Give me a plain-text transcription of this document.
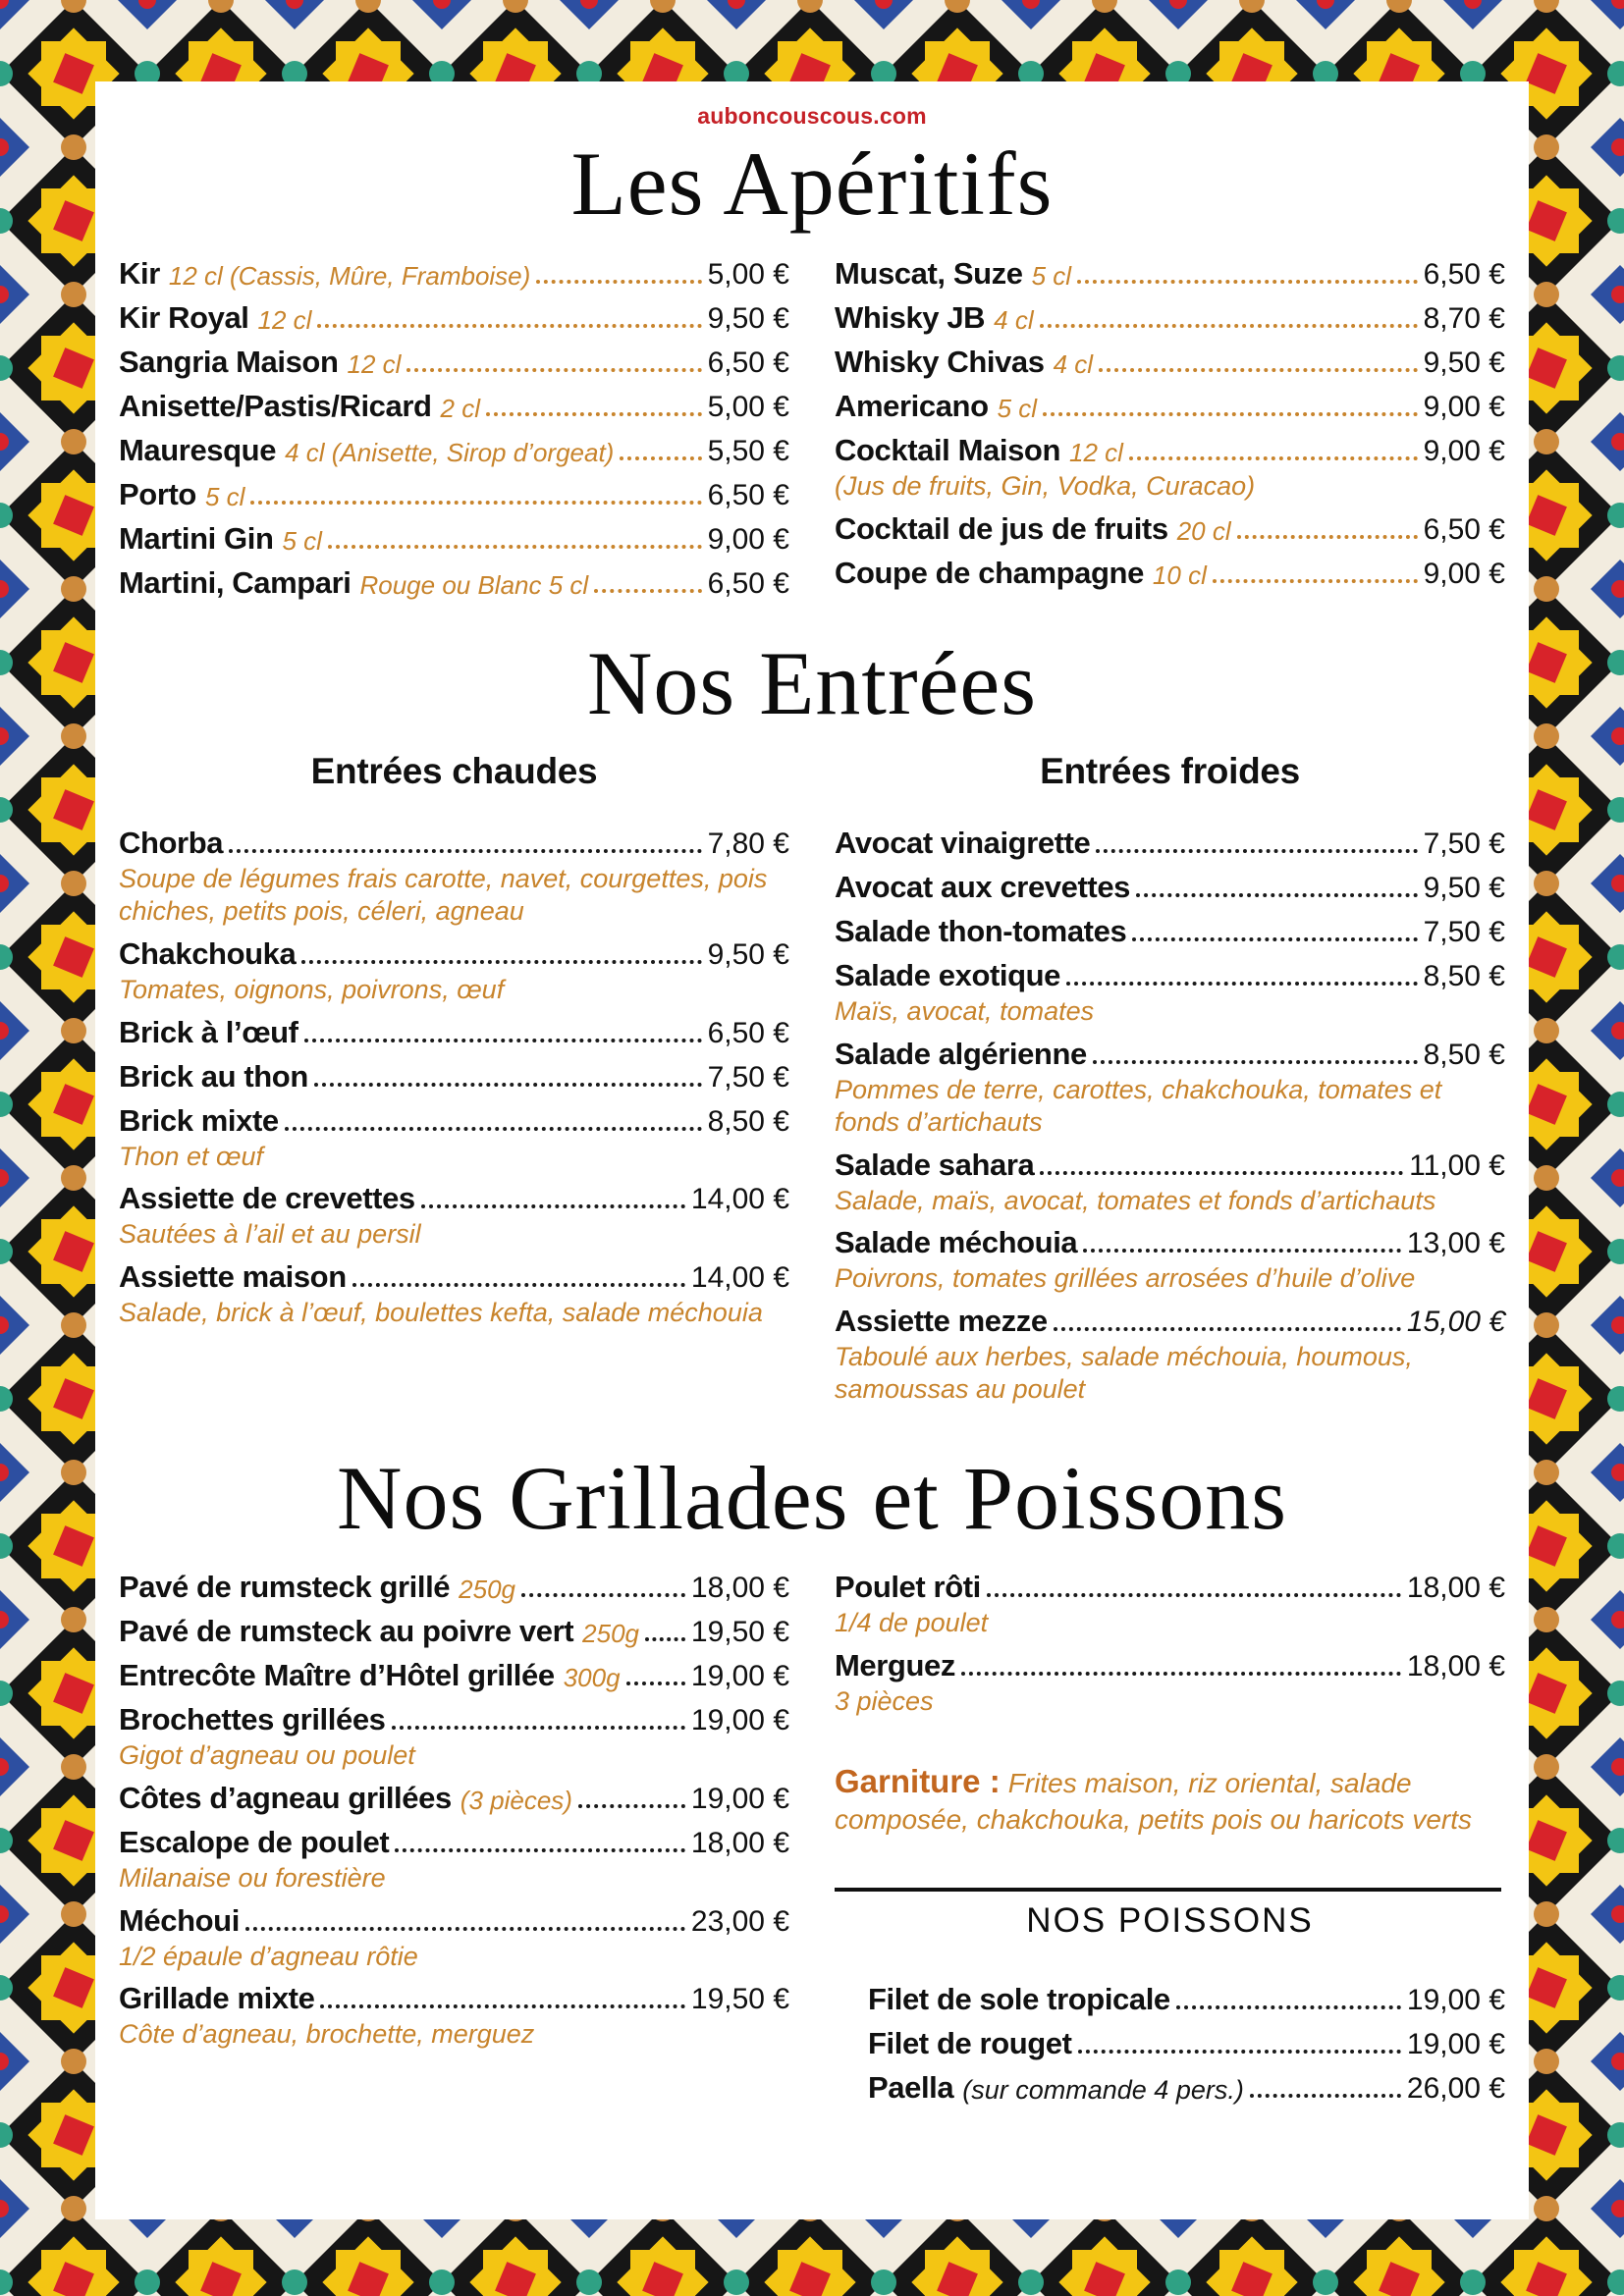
auboncouscous.com
Les Apéritifs
Kir 12 cl (Cassis, Mûre, Framboise)	5,00 €
Kir Royal 12 cl	9,50 €
Sangria Maison 12 cl	6,50 €
Anisette/Pastis/Ricard 2 cl	5,00 €
Mauresque 4 cl (Anisette, Sirop d’orgeat)	5,50 €
Porto 5 cl	6,50 €
Martini Gin 5 cl	9,00 €
Martini, Campari Rouge ou Blanc 5 cl	6,50 €
Muscat, Suze 5 cl	6,50 €
Whisky JB 4 cl	8,70 €
Whisky Chivas 4 cl	9,50 €
Americano 5 cl	9,00 €
Cocktail Maison 12 cl	9,00 €
(Jus de fruits, Gin, Vodka, Curacao)
Cocktail de jus de fruits 20 cl	6,50 €
Coupe de champagne 10 cl	9,00 €
Nos Entrées
Entrées chaudes
Chorba	7,80 €
Soupe de légumes frais carotte, navet, courgettes, pois chiches, petits pois, céleri, agneau
Chakchouka	9,50 €
Tomates, oignons, poivrons, œuf
Brick à l’œuf	6,50 €
Brick au thon	7,50 €
Brick mixte	8,50 €
Thon et œuf
Assiette de crevettes	14,00 €
Sautées à l’ail et au persil
Assiette maison	14,00 €
Salade, brick à l’œuf, boulettes kefta, salade méchouia
Entrées froides
Avocat vinaigrette	7,50 €
Avocat aux crevettes	9,50 €
Salade thon-tomates	7,50 €
Salade exotique	8,50 €
Maïs, avocat, tomates
Salade algérienne	8,50 €
Pommes de terre, carottes, chakchouka, tomates et fonds d’artichauts
Salade sahara	11,00 €
Salade, maïs, avocat, tomates et fonds d’artichauts
Salade méchouia	13,00 €
Poivrons, tomates grillées arrosées d’huile d’olive
Assiette mezze	15,00 €
Taboulé aux herbes, salade méchouia, houmous, samoussas au poulet
Nos Grillades et Poissons
Pavé de rumsteck grillé 250g	18,00 €
Pavé de rumsteck au poivre vert 250g 19,50 €
Entrecôte Maître d’Hôtel grillée 300g 19,00 €
Brochettes grillées	19,00 €
Gigot d’agneau ou poulet
Côtes d’agneau grillées (3 pièces)	19,00 €
Escalope de poulet	18,00 €
Milanaise ou forestière
Méchoui	23,00 €
1/2 épaule d’agneau rôtie
Grillade mixte	19,50 €
Côte d’agneau, brochette, merguez
Poulet rôti	18,00 €
1/4 de poulet
Merguez	18,00 €
3 pièces

Garniture : Frites maison, riz oriental, salade composée, chakchouka, petits pois ou haricots verts

NOS POISSONS
Filet de sole tropicale	19,00 €
Filet de rouget	19,00 €
Paella (sur commande 4 pers.)	26,00 €
